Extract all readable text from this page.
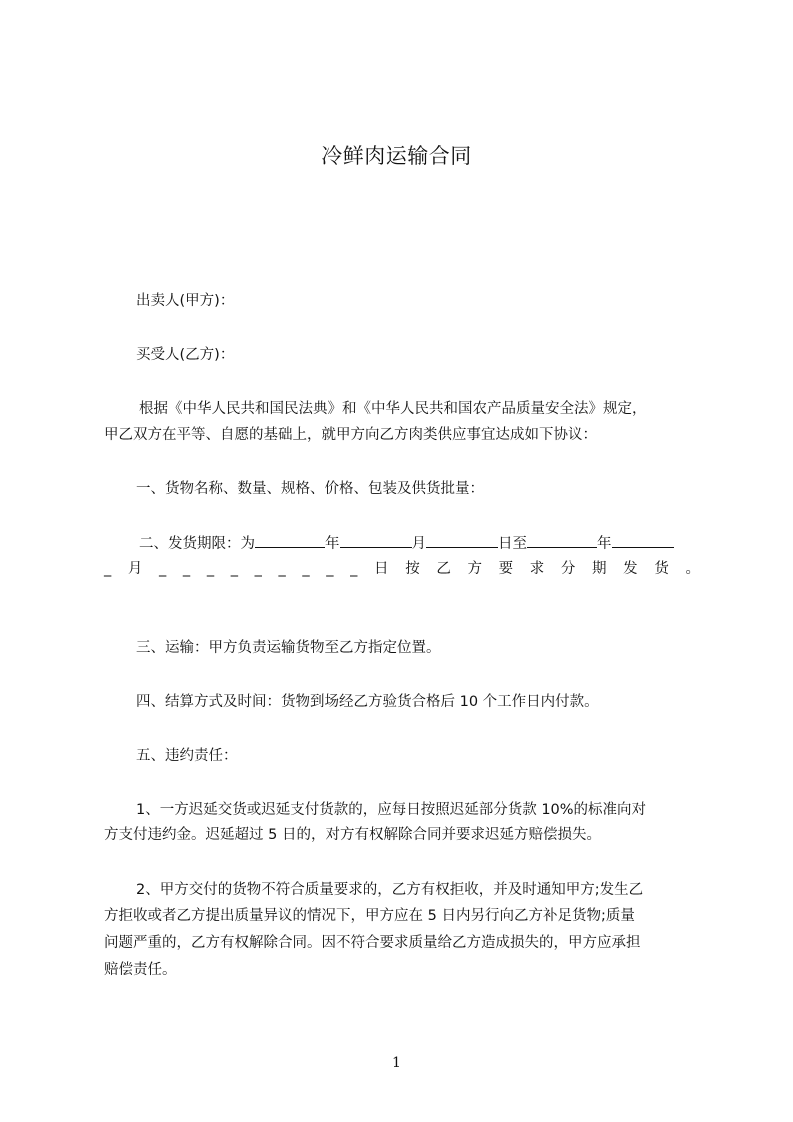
冷鲜肉运输合同
出卖人(甲方)：
买受人(乙方)：
根据《中华人民共和国民法典》和《中华人民共和国农产品质量安全法》规定，
甲乙双方在平等、自愿的基础上，就甲方向乙方肉类供应事宜达成如下协议：
一、货物名称、数量、规格、价格、包装及供货批量：
二、发货期限：为	年	月	日至	年
_ 月 _ _ _ _ _ _ _ _ _ 日 按 乙 方 要 求 分 期 发 货 。
三、运输：甲方负责运输货物至乙方指定位置。
四、结算方式及时间：货物到场经乙方验货合格后 10 个工作日内付款。
五、违约责任：
1、一方迟延交货或迟延支付货款的，应每日按照迟延部分货款 10%的标准向对
方支付违约金。迟延超过 5 日的，对方有权解除合同并要求迟延方赔偿损失。
2、甲方交付的货物不符合质量要求的，乙方有权拒收，并及时通知甲方;发生乙
方拒收或者乙方提出质量异议的情况下，甲方应在 5 日内另行向乙方补足货物;质量
问题严重的，乙方有权解除合同。因不符合要求质量给乙方造成损失的，甲方应承担
赔偿责任。
1
